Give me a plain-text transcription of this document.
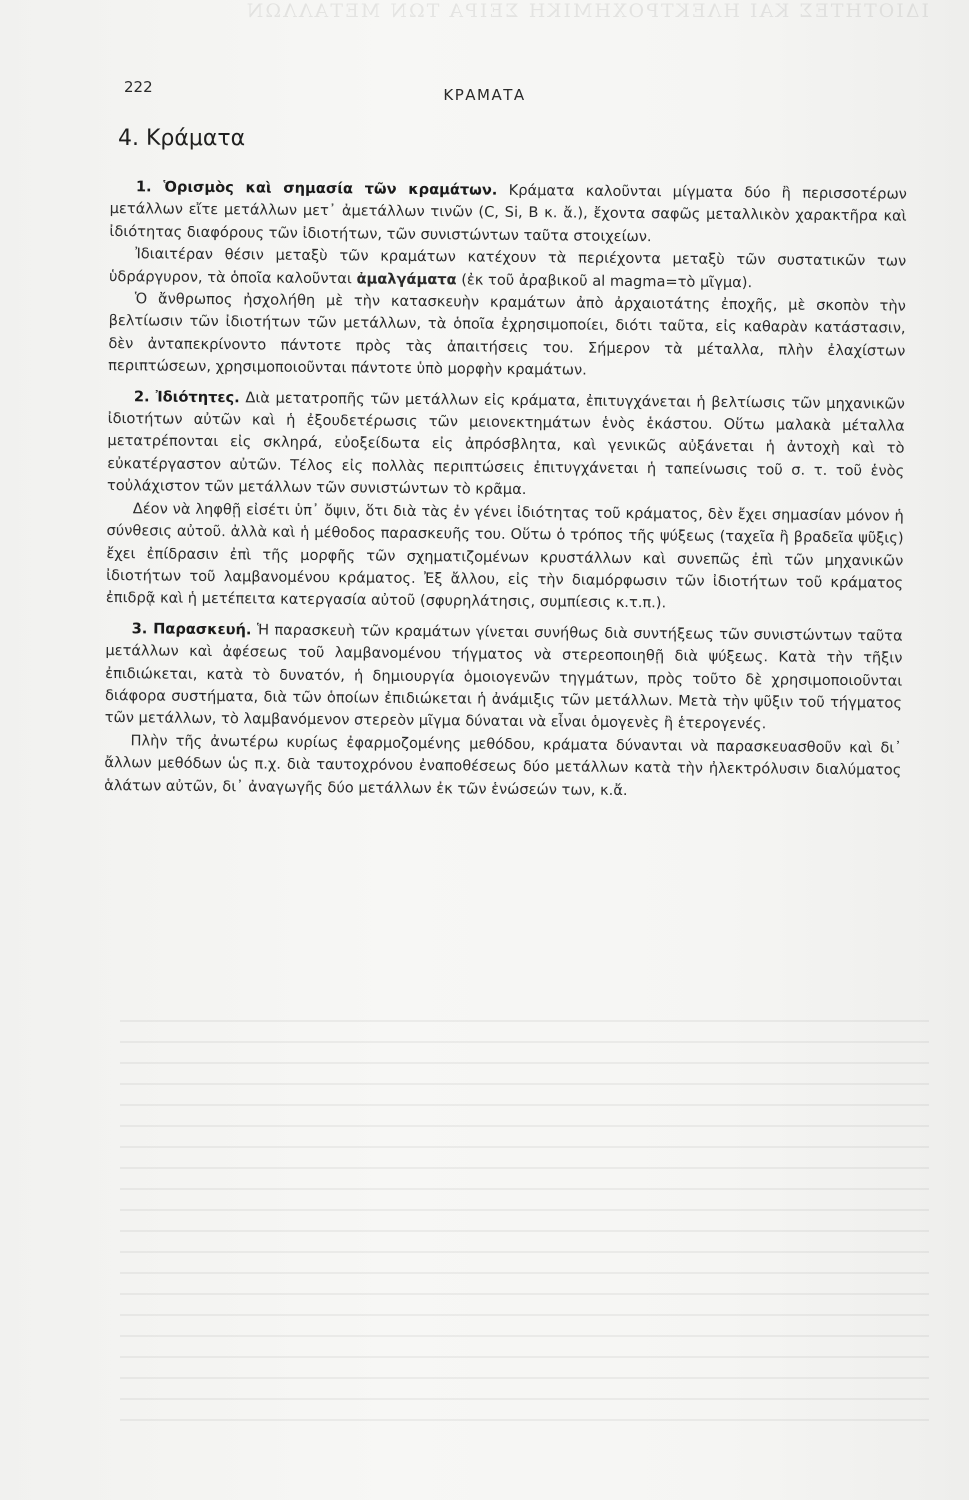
ΙΔΙΟΤΗΤΕΣ ΚΑΙ ΗΛΕΚΤΡΟΧΗΜΙΚΗ ΣΕΙΡΑ ΤΩΝ ΜΕΤΑΛΛΩΝ
222	ΚΡΑΜΑΤΑ
4. Κράματα

1. Ὁρισμὸς καὶ σημασία τῶν κραμάτων. Κράματα καλοῦνται μίγματα δύο ἢ περισσοτέρων μετάλλων εἴτε μετάλλων μετ᾽ ἀμετάλλων τινῶν (C, Si, B κ. ἄ.), ἔχοντα σαφῶς μεταλλικὸν χαρακτῆρα καὶ ἰδιότητας διαφόρους τῶν ἰδιοτήτων, τῶν συνιστώντων ταῦτα στοιχείων.

Ἰδιαιτέραν θέσιν μεταξὺ τῶν κραμάτων κατέχουν τὰ περιέχοντα μεταξὺ τῶν συστατικῶν των ὑδράργυρον, τὰ ὁποῖα καλοῦνται ἀμαλγάματα (ἐκ τοῦ ἀραβικοῦ al magma=τὸ μῖγμα).

Ὁ ἄνθρωπος ἠσχολήθη μὲ τὴν κατασκευὴν κραμάτων ἀπὸ ἀρχαιοτάτης ἐποχῆς, μὲ σκοπὸν τὴν βελτίωσιν τῶν ἰδιοτήτων τῶν μετάλλων, τὰ ὁποῖα ἐχρησιμοποίει, διότι ταῦτα, εἰς καθαρὰν κατάστασιν, δὲν ἀνταπεκρίνοντο πάντοτε πρὸς τὰς ἀπαιτήσεις του. Σήμερον τὰ μέταλλα, πλὴν ἐλαχίστων περιπτώσεων, χρησιμοποιοῦνται πάντοτε ὑπὸ μορφὴν κραμάτων.

2. Ἰδιότητες. Διὰ μετατροπῆς τῶν μετάλλων εἰς κράματα, ἐπιτυγχάνεται ἡ βελτίωσις τῶν μηχανικῶν ἰδιοτήτων αὐτῶν καὶ ἡ ἐξουδετέρωσις τῶν μειονεκτημάτων ἑνὸς ἑκάστου. Οὕτω μαλακὰ μέταλλα μετατρέπονται εἰς σκληρά, εὐοξείδωτα εἰς ἀπρόσβλητα, καὶ γενικῶς αὐξάνεται ἡ ἀντοχὴ καὶ τὸ εὐκατέργαστον αὐτῶν. Τέλος εἰς πολλὰς περιπτώσεις ἐπιτυγχάνεται ἡ ταπείνωσις τοῦ σ. τ. τοῦ ἑνὸς τοὐλάχιστον τῶν μετάλλων τῶν συνιστώντων τὸ κρᾶμα.

Δέον νὰ ληφθῇ εἰσέτι ὑπ᾽ ὄψιν, ὅτι διὰ τὰς ἐν γένει ἰδιότητας τοῦ κράματος, δὲν ἔχει σημασίαν μόνον ἡ σύνθεσις αὐτοῦ. ἀλλὰ καὶ ἡ μέθοδος παρασκευῆς του. Οὕτω ὁ τρόπος τῆς ψύξεως (ταχεῖα ἢ βραδεῖα ψῦξις) ἔχει ἐπίδρασιν ἐπὶ τῆς μορφῆς τῶν σχηματιζομένων κρυστάλλων καὶ συνεπῶς ἐπὶ τῶν μηχανικῶν ἰδιοτήτων τοῦ λαμβανομένου κράματος. Ἐξ ἄλλου, εἰς τὴν διαμόρφωσιν τῶν ἰδιοτήτων τοῦ κράματος ἐπιδρᾷ καὶ ἡ μετέπειτα κατεργασία αὐτοῦ (σφυρηλάτησις, συμπίεσις κ.τ.π.).

3. Παρασκευή. Ἡ παρασκευὴ τῶν κραμάτων γίνεται συνήθως διὰ συντήξεως τῶν συνιστώντων ταῦτα μετάλλων καὶ ἀφέσεως τοῦ λαμβανομένου τήγματος νὰ στερεοποιηθῇ διὰ ψύξεως. Κατὰ τὴν τῆξιν ἐπιδιώκεται, κατὰ τὸ δυνατόν, ἡ δημιουργία ὁμοιογενῶν τηγμάτων, πρὸς τοῦτο δὲ χρησιμοποιοῦνται διάφορα συστήματα, διὰ τῶν ὁποίων ἐπιδιώκεται ἡ ἀνάμιξις τῶν μετάλλων. Μετὰ τὴν ψῦξιν τοῦ τήγματος τῶν μετάλλων, τὸ λαμβανόμενον στερεὸν μῖγμα δύναται νὰ εἶναι ὁμογενὲς ἢ ἑτερογενές.

Πλὴν τῆς ἀνωτέρω κυρίως ἐφαρμοζομένης μεθόδου, κράματα δύνανται νὰ παρασκευασθοῦν καὶ δι᾽ ἄλλων μεθόδων ὡς π.χ. διὰ ταυτοχρόνου ἐναποθέσεως δύο μετάλλων κατὰ τὴν ἠλεκτρόλυσιν διαλύματος ἁλάτων αὐτῶν, δι᾽ ἀναγωγῆς δύο μετάλλων ἐκ τῶν ἑνώσεών των, κ.ἄ.
